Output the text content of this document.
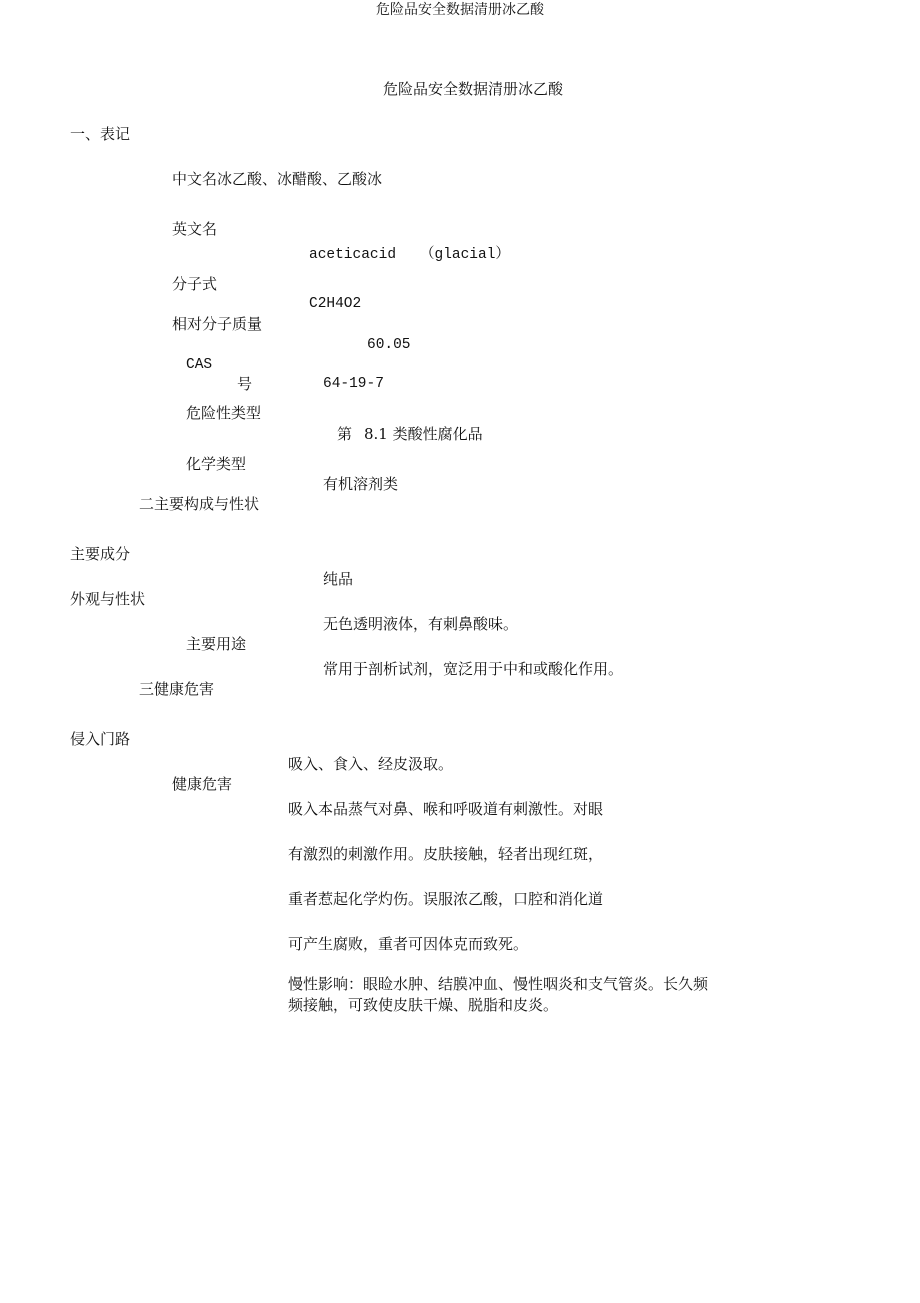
危险品安全数据清册冰乙酸
危险品安全数据清册冰乙酸
一、表记
中文名冰乙酸、冰醋酸、乙酸冰
英文名
aceticacid （glacial）
分子式
C2H4O2
相对分子质量
60.05
CAS
号	64-19-7
危险性类型
第 8.1 类酸性腐化品
化学类型
有机溶剂类
二主要构成与性状
主要成分
纯品
外观与性状
无色透明液体，有刺鼻酸味。
主要用途
常用于剖析试剂，宽泛用于中和或酸化作用。
三健康危害
侵入门路
吸入、食入、经皮汲取。
健康危害
吸入本品蒸气对鼻、喉和呼吸道有刺激性。对眼
有激烈的刺激作用。皮肤接触，轻者出现红斑，
重者惹起化学灼伤。误服浓乙酸，口腔和消化道
可产生腐败，重者可因体克而致死。
慢性影响：眼睑水肿、结膜冲血、慢性咽炎和支气管炎。长久频
频接触，可致使皮肤干燥、脱脂和皮炎。
